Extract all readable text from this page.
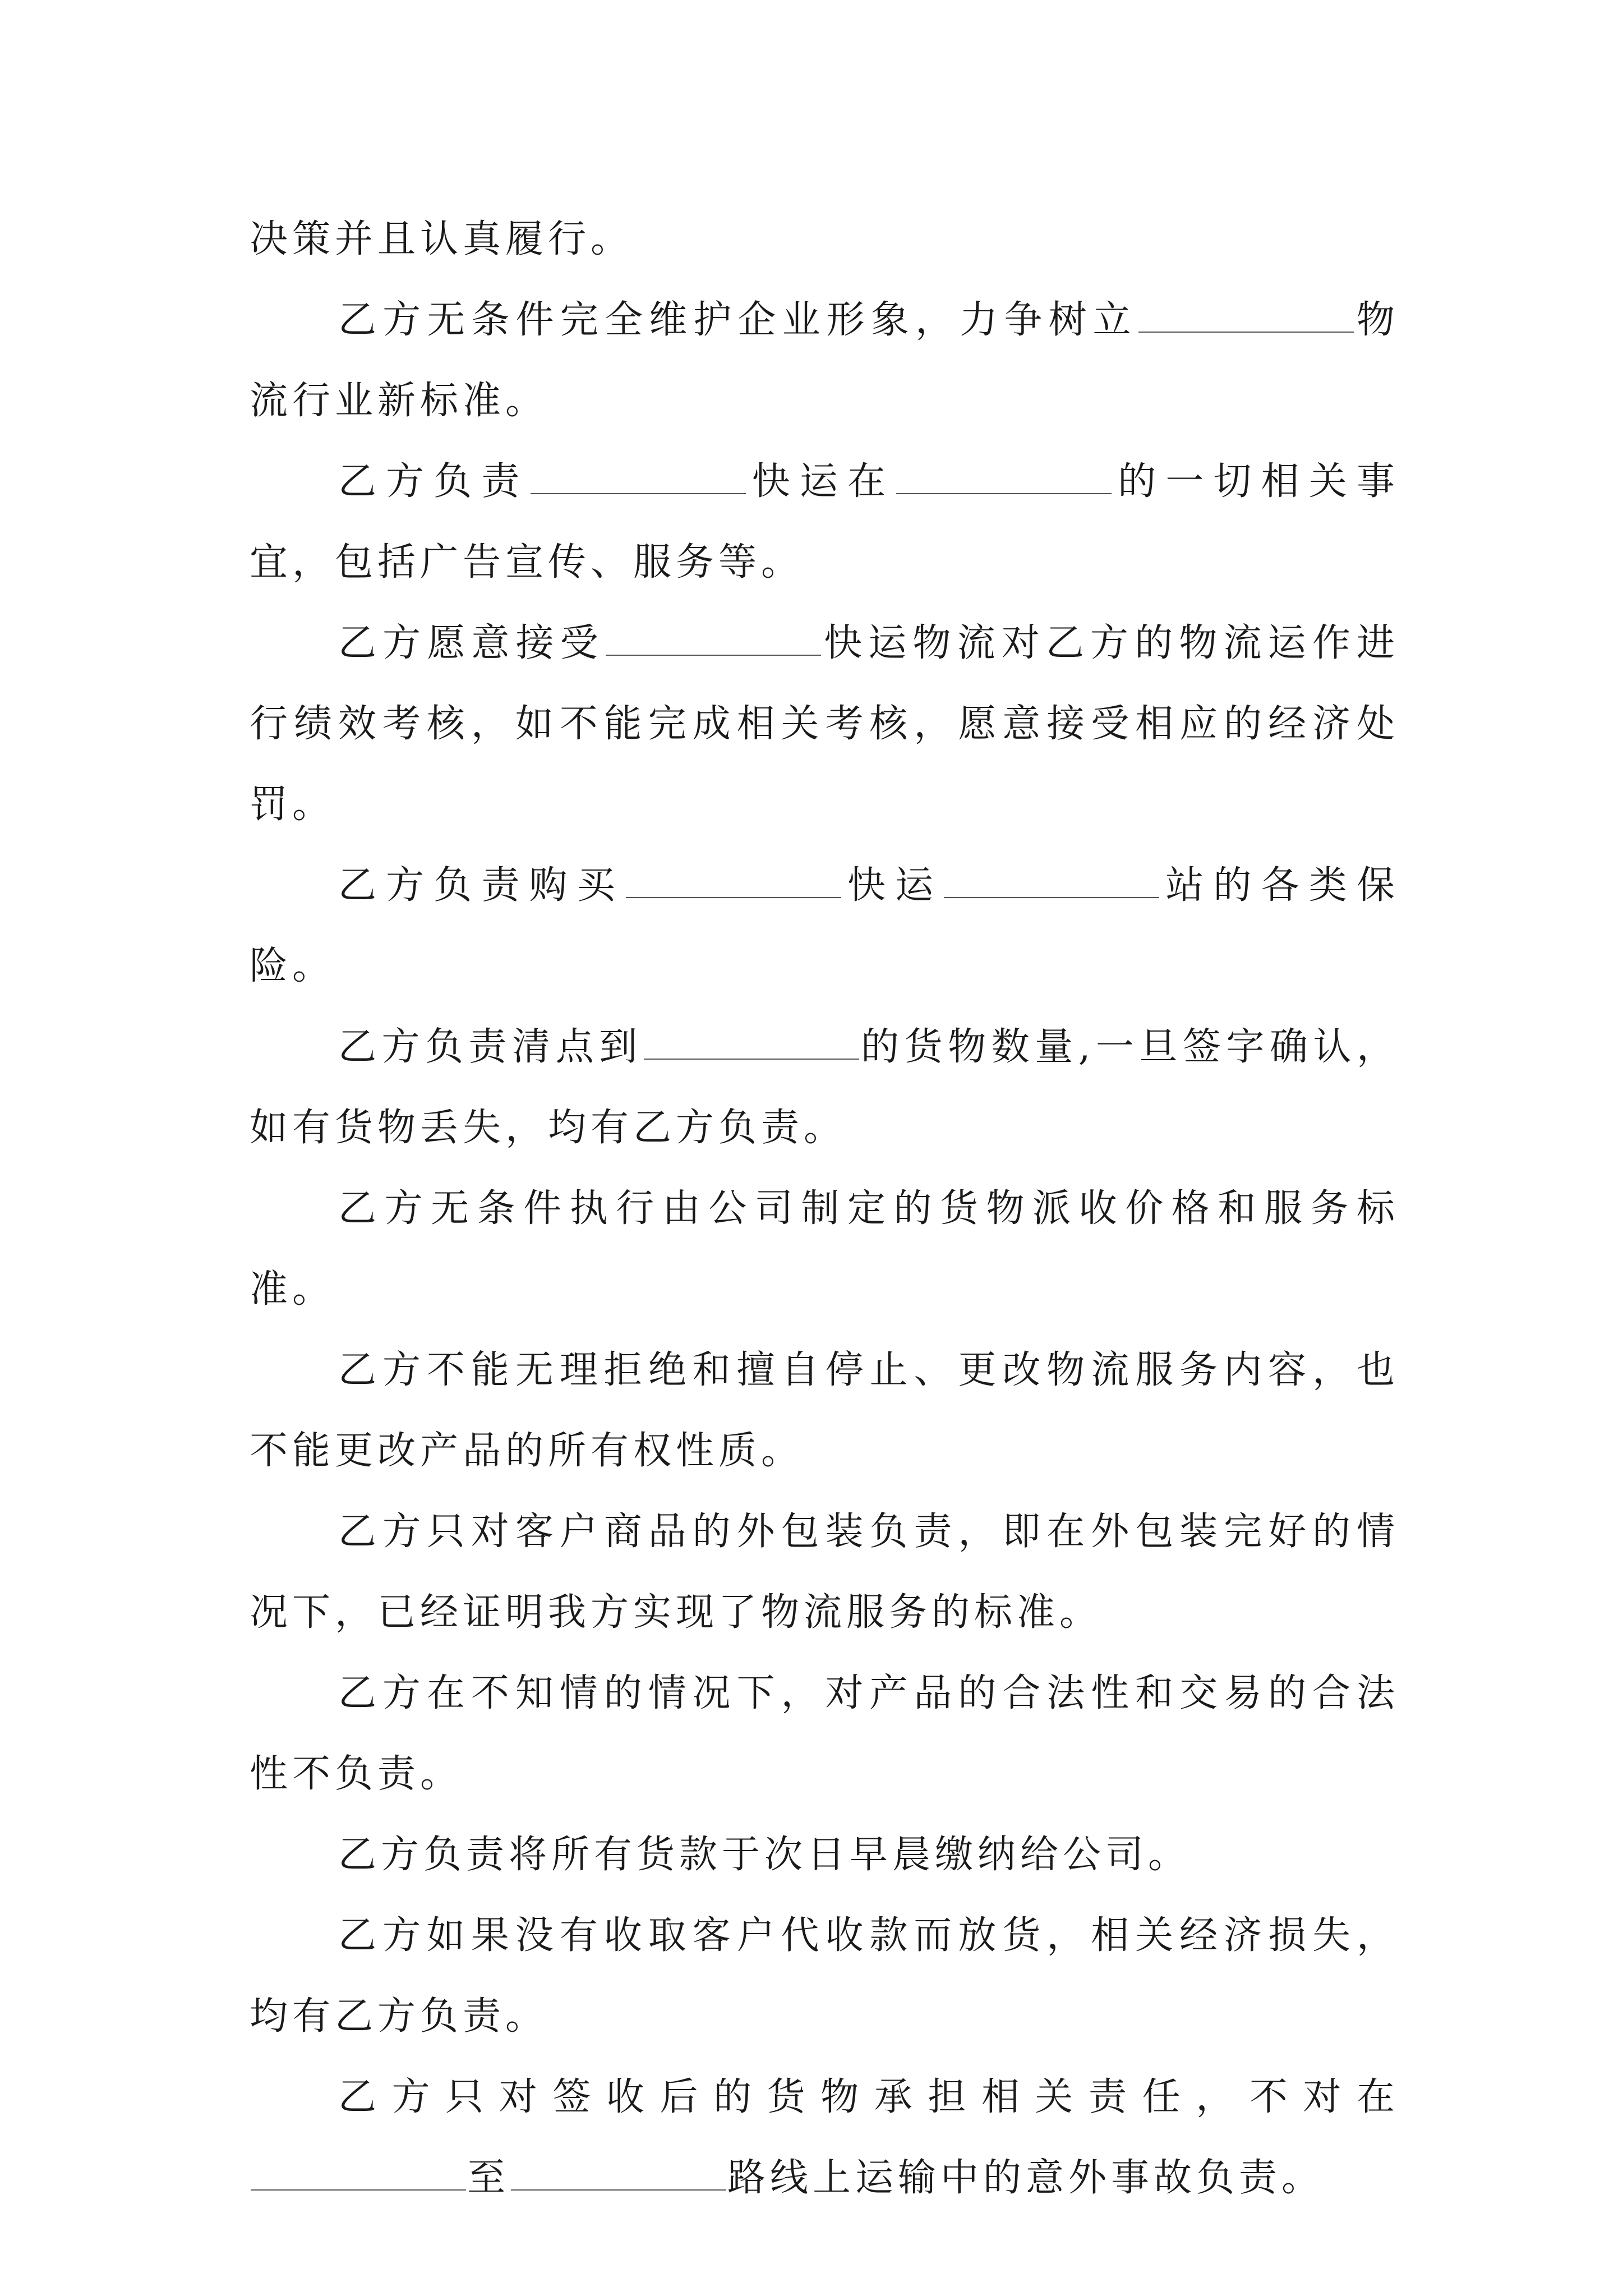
决策并且认真履行。

乙方无条件完全维护企业形象，力争树立	物流行业新标准。

乙方负责	快运在	的一切相关事宜，包括广告宣传、服务等。

乙方愿意接受	快运物流对乙方的物流运作进行绩效考核，如不能完成相关考核，愿意接受相应的经济处罚。

乙方负责购买	快运	站的各类保险。

乙方负责清点到	的货物数量,一旦签字确认，如有货物丢失，均有乙方负责。

乙方无条件执行由公司制定的货物派收价格和服务标准。

乙方不能无理拒绝和擅自停止、更改物流服务内容，也不能更改产品的所有权性质。

乙方只对客户商品的外包装负责，即在外包装完好的情况下，已经证明我方实现了物流服务的标准。

乙方在不知情的情况下，对产品的合法性和交易的合法性不负责。

乙方负责将所有货款于次日早晨缴纳给公司。

乙方如果没有收取客户代收款而放货，相关经济损失，均有乙方负责。

乙方只对签收后的货物承担相关责任，不对在至	路线上运输中的意外事故负责。
